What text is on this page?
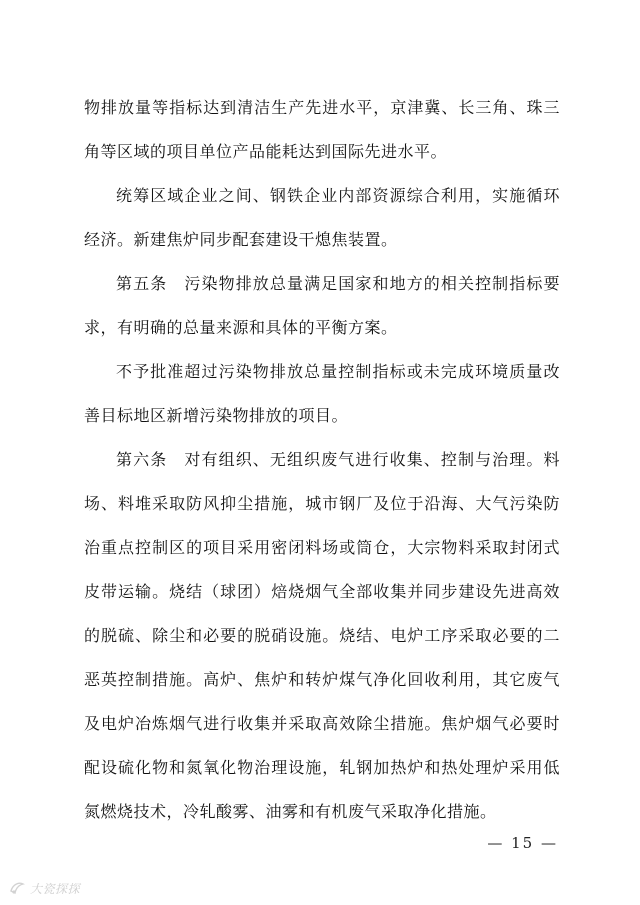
物排放量等指标达到清洁生产先进水平，京津冀、长三角、珠三角等区域的项目单位产品能耗达到国际先进水平。

统筹区域企业之间、钢铁企业内部资源综合利用，实施循环经济。新建焦炉同步配套建设干熄焦装置。

第五条　污染物排放总量满足国家和地方的相关控制指标要求，有明确的总量来源和具体的平衡方案。

不予批准超过污染物排放总量控制指标或未完成环境质量改善目标地区新增污染物排放的项目。

第六条　对有组织、无组织废气进行收集、控制与治理。料场、料堆采取防风抑尘措施，城市钢厂及位于沿海、大气污染防治重点控制区的项目采用密闭料场或筒仓，大宗物料采取封闭式皮带运输。烧结（球团）焙烧烟气全部收集并同步建设先进高效的脱硫、除尘和必要的脱硝设施。烧结、电炉工序采取必要的二恶英控制措施。高炉、焦炉和转炉煤气净化回收利用，其它废气及电炉冶炼烟气进行收集并采取高效除尘措施。焦炉烟气必要时配设硫化物和氮氧化物治理设施，轧钢加热炉和热处理炉采用低氮燃烧技术，冷轧酸雾、油雾和有机废气采取净化措施。

— 15 —
大瓷探探
